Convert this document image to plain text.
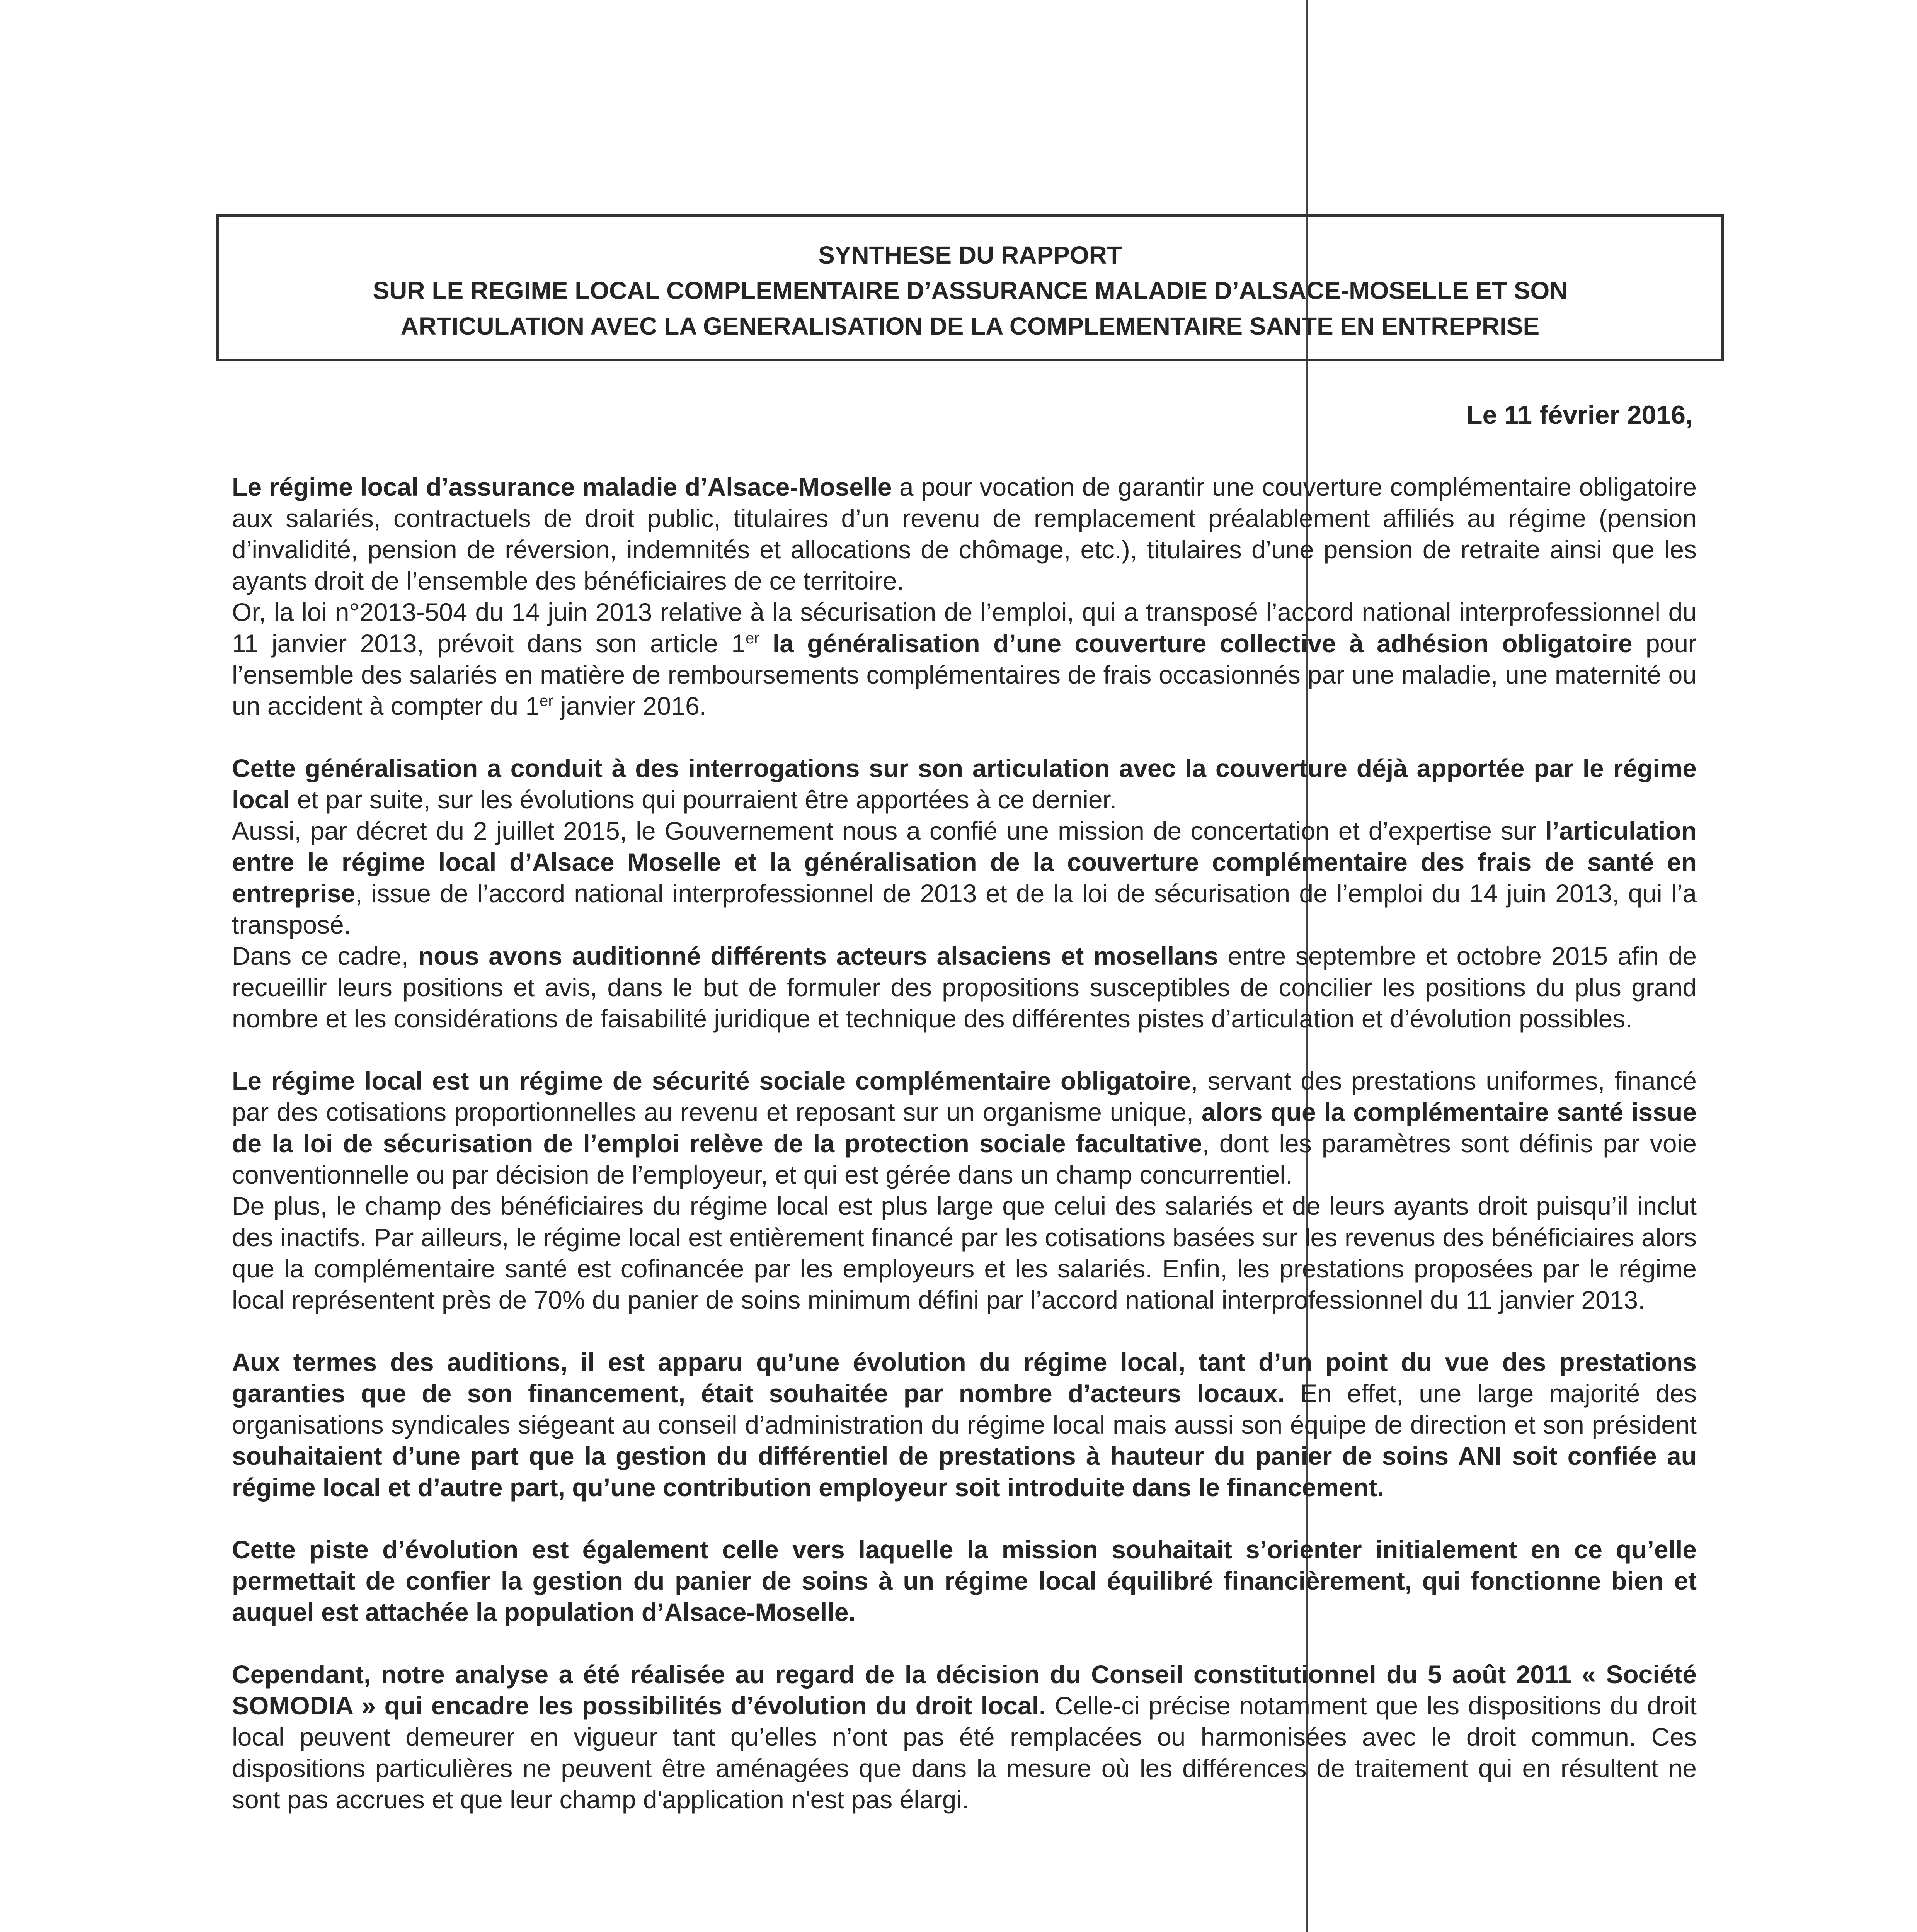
SYNTHESE DU RAPPORT

SUR LE REGIME LOCAL COMPLEMENTAIRE D’ASSURANCE MALADIE D’ALSACE-MOSELLE ET SON

ARTICULATION AVEC LA GENERALISATION DE LA COMPLEMENTAIRE SANTE EN ENTREPRISE

Le 11 février 2016,

Le régime local d’assurance maladie d’Alsace-Moselle a pour vocation de garantir une couverture complémentaire obligatoire aux salariés, contractuels de droit public, titulaires d’un revenu de remplacement préalablement affiliés au régime (pension d’invalidité, pension de réversion, indemnités et allocations de chômage, etc.), titulaires d’une pension de retraite ainsi que les ayants droit de l’ensemble des bénéficiaires de ce territoire.

Or, la loi n°2013-504 du 14 juin 2013 relative à la sécurisation de l’emploi, qui a transposé l’accord national interprofessionnel du 11 janvier 2013, prévoit dans son article 1er la généralisation d’une couverture collective à adhésion obligatoire pour l’ensemble des salariés en matière de remboursements complémentaires de frais occasionnés par une maladie, une maternité ou un accident à compter du 1er janvier 2016.

Cette généralisation a conduit à des interrogations sur son articulation avec la couverture déjà apportée par le régime local et par suite, sur les évolutions qui pourraient être apportées à ce dernier.

Aussi, par décret du 2 juillet 2015, le Gouvernement nous a confié une mission de concertation et d’expertise sur l’articulation entre le régime local d’Alsace Moselle et la généralisation de la couverture complémentaire des frais de santé en entreprise, issue de l’accord national interprofessionnel de 2013 et de la loi de sécurisation de l’emploi du 14 juin 2013, qui l’a transposé.

Dans ce cadre, nous avons auditionné différents acteurs alsaciens et mosellans entre septembre et octobre 2015 afin de recueillir leurs positions et avis, dans le but de formuler des propositions susceptibles de concilier les positions du plus grand nombre et les considérations de faisabilité juridique et technique des différentes pistes d’articulation et d’évolution possibles.

Le régime local est un régime de sécurité sociale complémentaire obligatoire, servant des prestations uniformes, financé par des cotisations proportionnelles au revenu et reposant sur un organisme unique, alors que la complémentaire santé issue de la loi de sécurisation de l’emploi relève de la protection sociale facultative, dont les paramètres sont définis par voie conventionnelle ou par décision de l’employeur, et qui est gérée dans un champ concurrentiel.

De plus, le champ des bénéficiaires du régime local est plus large que celui des salariés et de leurs ayants droit puisqu’il inclut des inactifs. Par ailleurs, le régime local est entièrement financé par les cotisations basées sur les revenus des bénéficiaires alors que la complémentaire santé est cofinancée par les employeurs et les salariés. Enfin, les prestations proposées par le régime local représentent près de 70% du panier de soins minimum défini par l’accord national interprofessionnel du 11 janvier 2013.

Aux termes des auditions, il est apparu qu’une évolution du régime local, tant d’un point du vue des prestations garanties que de son financement, était souhaitée par nombre d’acteurs locaux. En effet, une large majorité des organisations syndicales siégeant au conseil d’administration du régime local mais aussi son équipe de direction et son président souhaitaient d’une part que la gestion du différentiel de prestations à hauteur du panier de soins ANI soit confiée au régime local et d’autre part, qu’une contribution employeur soit introduite dans le financement.

Cette piste d’évolution est également celle vers laquelle la mission souhaitait s’orienter initialement en ce qu’elle permettait de confier la gestion du panier de soins à un régime local équilibré financièrement, qui fonctionne bien et auquel est attachée la population d’Alsace-Moselle.

Cependant, notre analyse a été réalisée au regard de la décision du Conseil constitutionnel du 5 août 2011 « Société SOMODIA » qui encadre les possibilités d’évolution du droit local. Celle-ci précise notamment que les dispositions du droit local peuvent demeurer en vigueur tant qu’elles n’ont pas été remplacées ou harmonisées avec le droit commun. Ces dispositions particulières ne peuvent être aménagées que dans la mesure où les différences de traitement qui en résultent ne sont pas accrues et que leur champ d'application n'est pas élargi.
